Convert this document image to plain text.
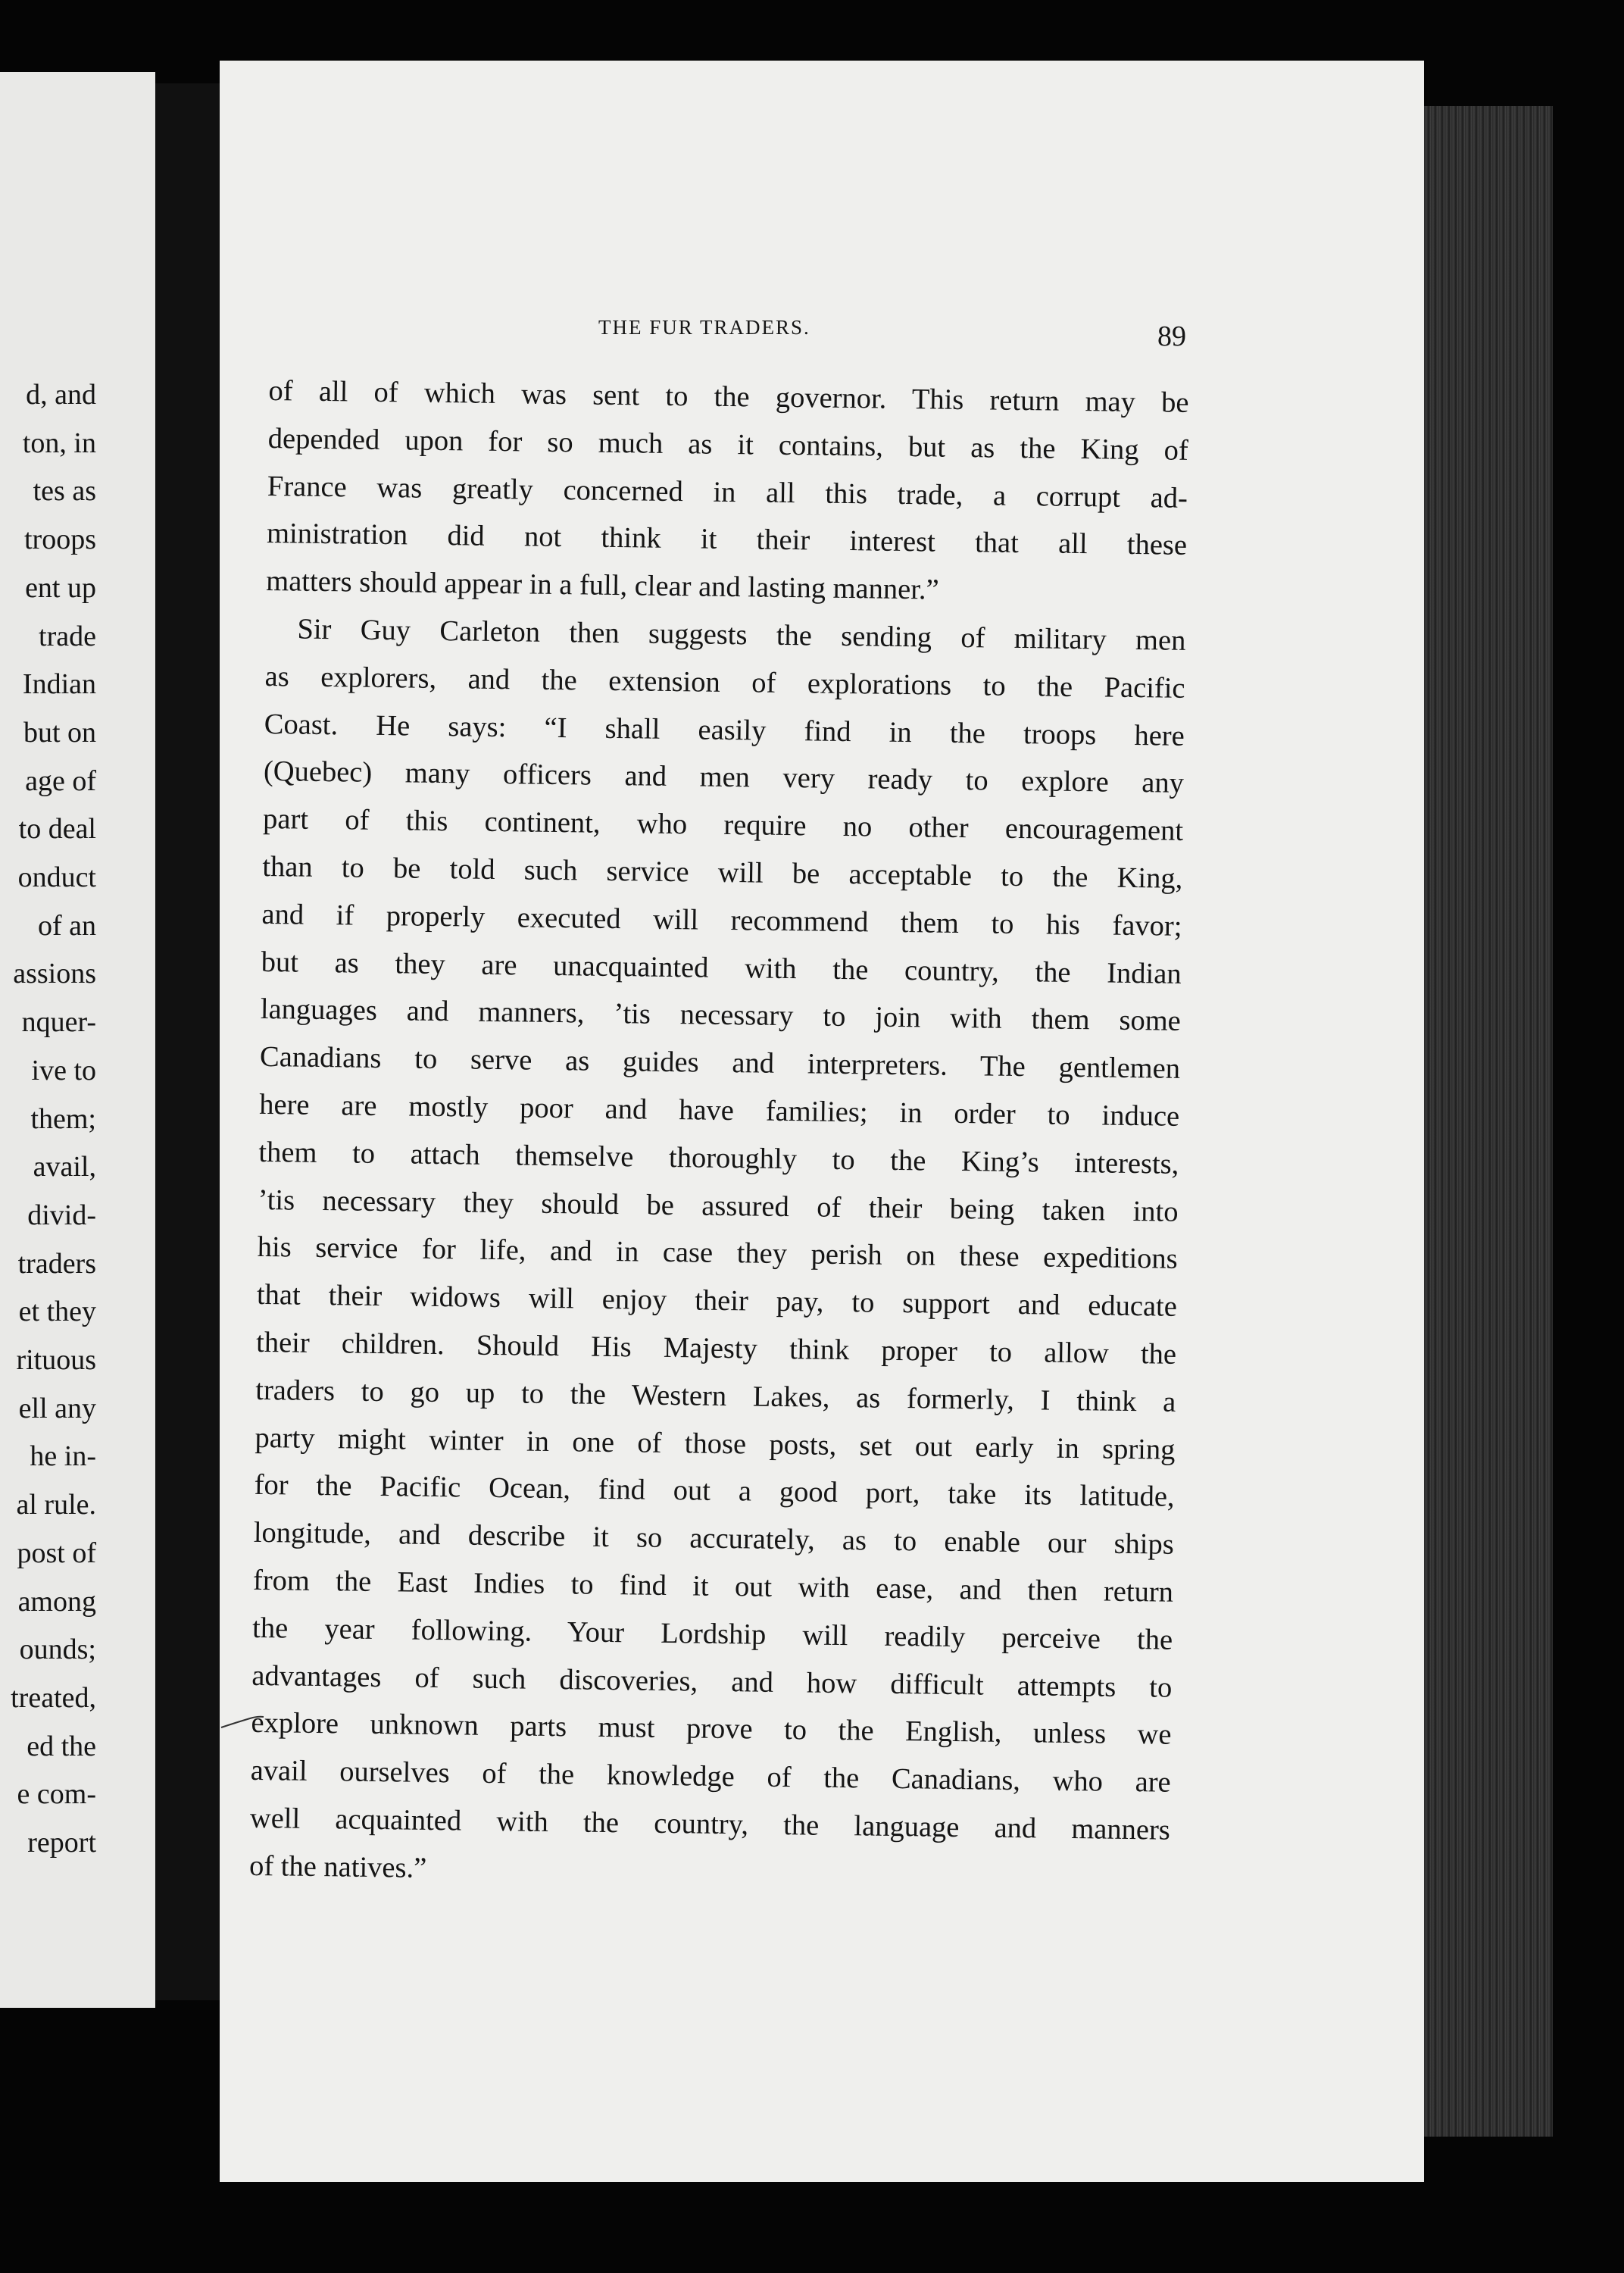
d, and
ton, in
tes as
troops
ent up
trade
Indian
but on
age of
to deal
onduct
of an
assions
nquer-
ive to
them;
avail,
divid-
traders
et they
rituous
ell any
he in-
al rule.
post of
among
ounds;
treated,
ed the
e com-
report
THE FUR TRADERS.	89
of all of which was sent to the governor. This return may be
depended upon for so much as it contains, but as the King of
France was greatly concerned in all this trade, a corrupt ad-
ministration did not think it their interest that all these
matters should appear in a full, clear and lasting manner.”
Sir Guy Carleton then suggests the sending of military men
as explorers, and the extension of explorations to the Pacific
Coast. He says: “I shall easily find in the troops here
(Quebec) many officers and men very ready to explore any
part of this continent, who require no other encouragement
than to be told such service will be acceptable to the King,
and if properly executed will recommend them to his favor;
but as they are unacquainted with the country, the Indian
languages and manners, ’tis necessary to join with them some
Canadians to serve as guides and interpreters. The gentlemen
here are mostly poor and have families; in order to induce
them to attach themselve thoroughly to the King’s interests,
’tis necessary they should be assured of their being taken into
his service for life, and in case they perish on these expeditions
that their widows will enjoy their pay, to support and educate
their children. Should His Majesty think proper to allow the
traders to go up to the Western Lakes, as formerly, I think a
party might winter in one of those posts, set out early in spring
for the Pacific Ocean, find out a good port, take its latitude,
longitude, and describe it so accurately, as to enable our ships
from the East Indies to find it out with ease, and then return
the year following. Your Lordship will readily perceive the
advantages of such discoveries, and how difficult attempts to
explore unknown parts must prove to the English, unless we
avail ourselves of the knowledge of the Canadians, who are
well acquainted with the country, the language and manners
of the natives.”
